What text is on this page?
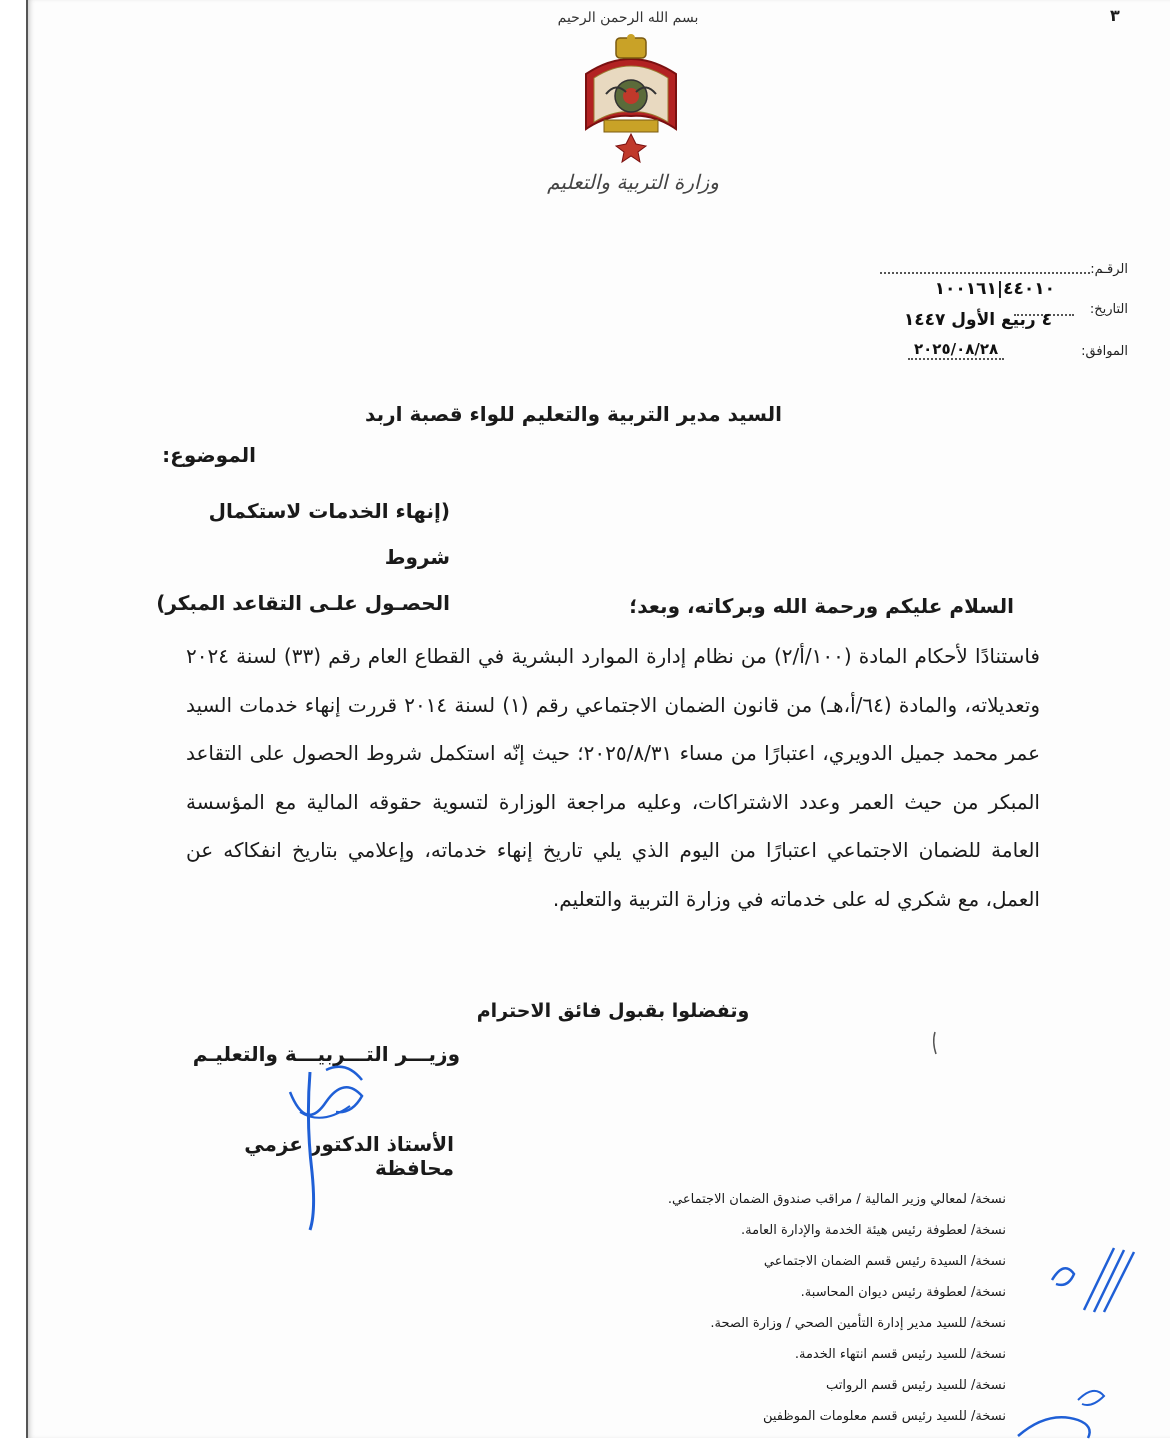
بسم الله الرحمن الرحيم	٣
وزارة التربية والتعليم
الرقـم:
٤٤٠١٠|١٠٠١٦١
التاريخ:
٤ ربيع الأول ١٤٤٧
الموافق:
٢٠٢٥/٠٨/٢٨
السيد مدير التربية والتعليم للواء قصبة اربد
الموضوع:
(إنهاء الخدمات لاستكمال شروط
الحصـول علـى التقاعد المبكر)	السلام عليكم ورحمة الله وبركاته، وبعد؛
فاستنادًا لأحكام المادة (١٠٠/أ/٢) من نظام إدارة الموارد البشرية في القطاع العام رقم (٣٣) لسنة ٢٠٢٤ وتعديلاته، والمادة (٦٤/أ،هـ) من قانون الضمان الاجتماعي رقم (١) لسنة ٢٠١٤ قررت إنهاء خدمات السيد عمر محمد جميل الدويري، اعتبارًا من مساء ٢٠٢٥/٨/٣١؛ حيث إنّه استكمل شروط الحصول على التقاعد المبكر من حيث العمر وعدد الاشتراكات، وعليه مراجعة الوزارة لتسوية حقوقه المالية مع المؤسسة العامة للضمان الاجتماعي اعتبارًا من اليوم الذي يلي تاريخ إنهاء خدماته، وإعلامي بتاريخ انفكاكه عن العمل، مع شكري له على خدماته في وزارة التربية والتعليم.
وتفضلوا بقبول فائق الاحترام
وزيـــر التـــربيـــة والتعليـم
الأستاذ الدكتور عزمي محافظة
نسخة/ لمعالي وزير المالية / مراقب صندوق الضمان الاجتماعي.
نسخة/ لعطوفة رئيس هيئة الخدمة والإدارة العامة.
نسخة/ السيدة رئيس قسم الضمان الاجتماعي
نسخة/ لعطوفة رئيس ديوان المحاسبة.
نسخة/ للسيد مدير إدارة التأمين الصحي / وزارة الصحة.
نسخة/ للسيد رئيس قسم انتهاء الخدمة.
نسخة/ للسيد رئيس قسم الرواتب
نسخة/ للسيد رئيس قسم معلومات الموظفين
